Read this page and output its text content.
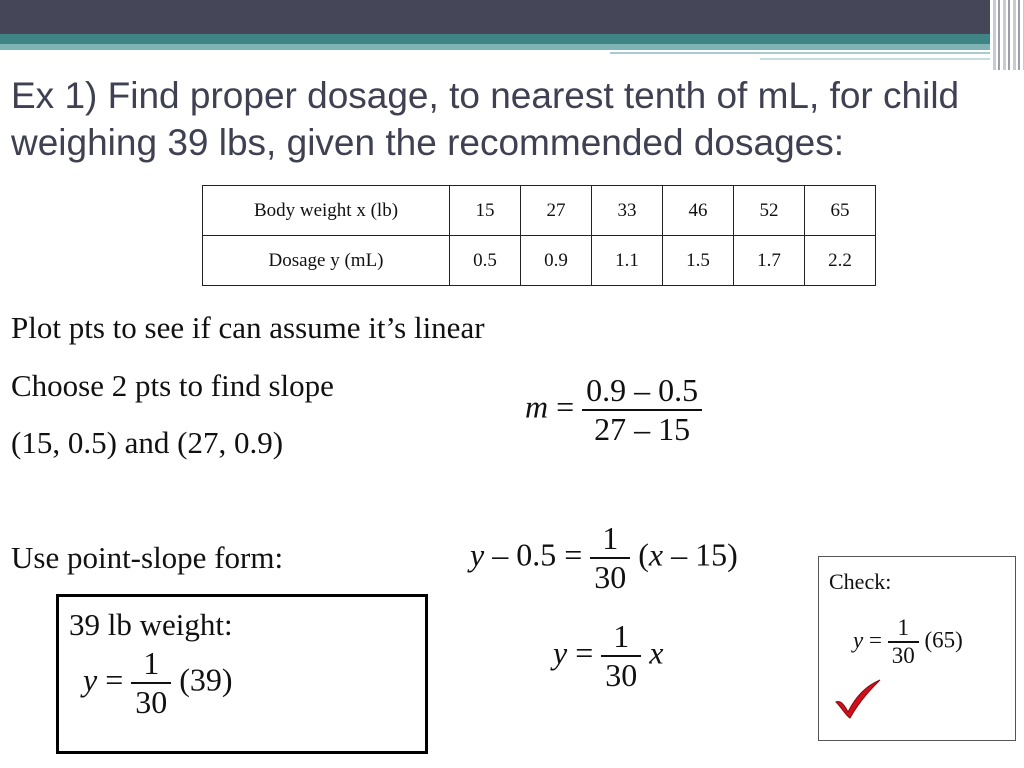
Ex 1) Find proper dosage, to nearest tenth of mL, for child weighing 39 lbs, given the recommended dosages:
Body weight x (lb)	15	27	33	46	52	65
Dosage y (mL)	0.5	0.9	1.1	1.5	1.7	2.2
Plot pts to see if can assume it’s linear
Choose 2 pts to find slope
(15, 0.5) and (27, 0.9)
Use point-slope form:
$m = \frac{0.9 - 0.5}{27 - 15}$
$y - 0.5 = \frac{1}{30} (x - 15)$
$y = \frac{1}{30}$ x
39 lb weight:
$y = \frac{1}{30} (39)$
Check:
$y = \frac{1}{30} (65)$
